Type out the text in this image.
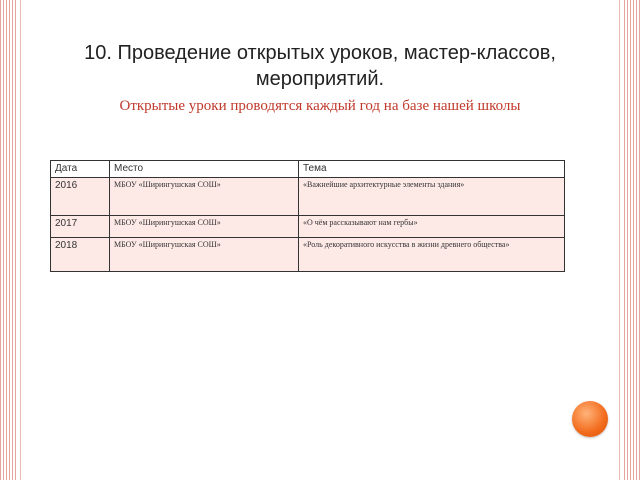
10. Проведение открытых уроков, мастер-классов, мероприятий.
Открытые уроки проводятся каждый год на базе нашей школы
Дата	Место	Тема

2016	МБОУ «Ширингушская СОШ»	«Важнейшие архитектурные элементы здания»
2017	МБОУ «Ширингушская СОШ»	«О чём рассказывают нам гербы»
2018	МБОУ «Ширингушская СОШ»	«Роль декоративного искусства в жизни древнего общества»
